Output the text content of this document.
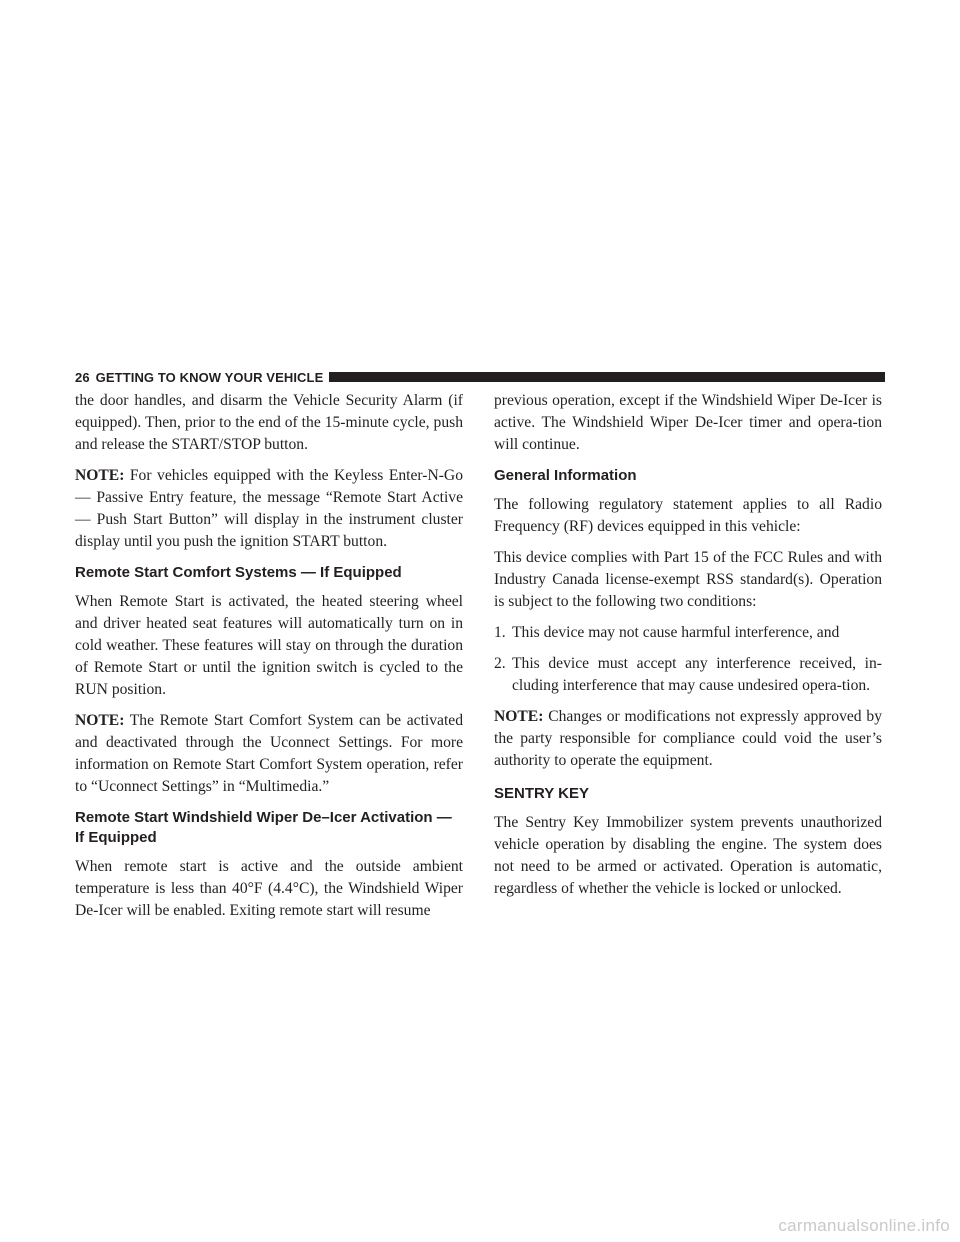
26 GETTING TO KNOW YOUR VEHICLE

the door handles, and disarm the Vehicle Security Alarm (if equipped). Then, prior to the end of the 15-minute cycle, push and release the START/STOP button.

NOTE: For vehicles equipped with the Keyless Enter-N-Go — Passive Entry feature, the message “Remote Start Active — Push Start Button” will display in the instrument cluster display until you push the ignition START button.

Remote Start Comfort Systems — If Equipped

When Remote Start is activated, the heated steering wheel and driver heated seat features will automatically turn on in cold weather. These features will stay on through the duration of Remote Start or until the ignition switch is cycled to the RUN position.

NOTE: The Remote Start Comfort System can be activated and deactivated through the Uconnect Settings. For more information on Remote Start Comfort System operation, refer to “Uconnect Settings” in “Multimedia.”

Remote Start Windshield Wiper De–Icer Activation — If Equipped

When remote start is active and the outside ambient temperature is less than 40°F (4.4°C), the Windshield Wiper De-Icer will be enabled. Exiting remote start will resume

previous operation, except if the Windshield Wiper De-Icer is active. The Windshield Wiper De-Icer timer and opera-tion will continue.

General Information

The following regulatory statement applies to all Radio Frequency (RF) devices equipped in this vehicle:

This device complies with Part 15 of the FCC Rules and with Industry Canada license-exempt RSS standard(s). Operation is subject to the following two conditions:

1. This device may not cause harmful interference, and
2. This device must accept any interference received, in-cluding interference that may cause undesired opera-tion.

NOTE: Changes or modifications not expressly approved by the party responsible for compliance could void the user’s authority to operate the equipment.

SENTRY KEY

The Sentry Key Immobilizer system prevents unauthorized vehicle operation by disabling the engine. The system does not need to be armed or activated. Operation is automatic, regardless of whether the vehicle is locked or unlocked.

carmanualsonline.info
